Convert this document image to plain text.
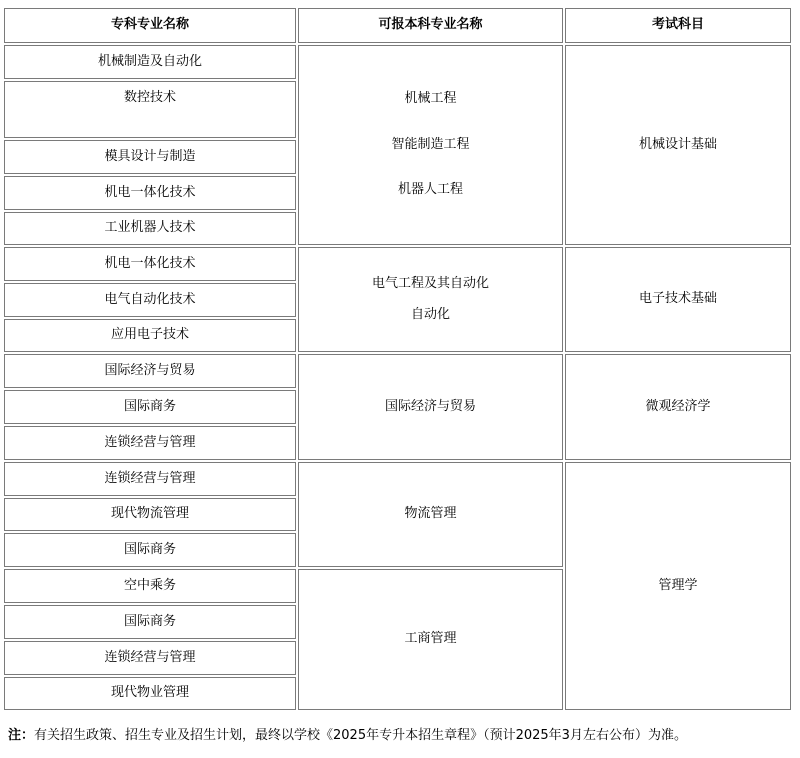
专科专业名称	可报本科专业名称	考试科目
机械制造及自动化
数控技术
模具设计与制造
机电一体化技术
工业机器人技术
机电一体化技术
电气自动化技术
应用电子技术
国际经济与贸易
国际商务
连锁经营与管理
连锁经营与管理
现代物流管理
国际商务
空中乘务
国际商务
连锁经营与管理
现代物业管理
机械工程
智能制造工程
机器人工程
电气工程及其自动化
自动化
国际经济与贸易
物流管理
工商管理
机械设计基础
电子技术基础
微观经济学
管理学
注：有关招生政策、招生专业及招生计划，最终以学校《2025年专升本招生章程》（预计2025年3月左右公布）为准。
